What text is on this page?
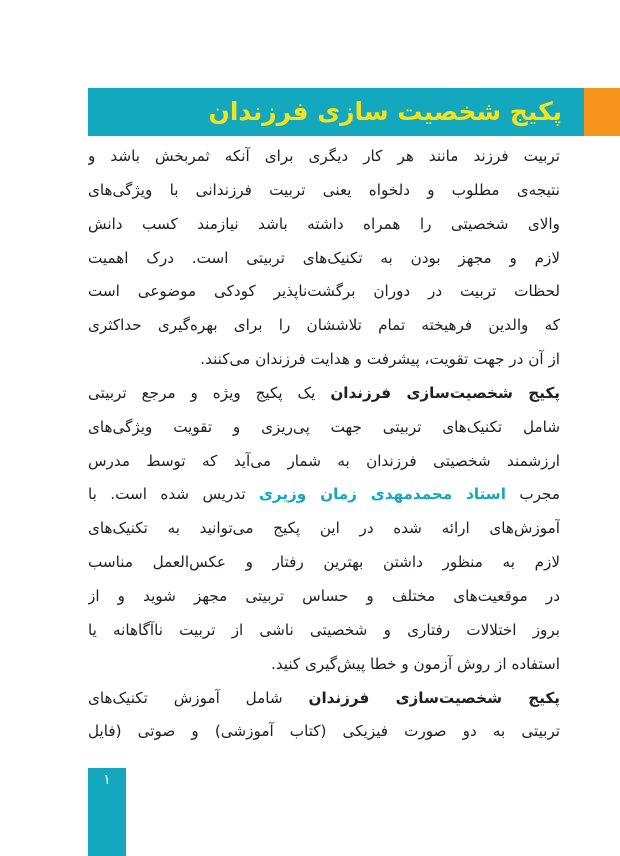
پکیج شخصیت سازی فرزندان
تربیت فرزند مانند هر کار دیگری برای آنکه ثمربخش باشد و
نتیجه‌ی مطلوب و دلخواه یعنی تربیت فرزندانی با ویژگی‌های
والای شخصیتی را همراه داشته باشد نیازمند کسب دانش
لازم و مجهز بودن به تکنیک‌های تربیتی است. درک اهمیت
لحظات تربیت در دوران برگشت‌ناپذیر کودکی موضوعی است
که والدین فرهیخته تمام تلاششان را برای بهره‌گیری حداکثری
از آن در جهت تقویت، پیشرفت و هدایت فرزندان می‌کنند.
پکیج شخصیت‌سازی فرزندان یک پکیج ویژه و مرجع تربیتی
شامل تکنیک‌های تربیتی جهت پی‌ریزی و تقویت ویژگی‌های
ارزشمند شخصیتی فرزندان به شمار می‌آید که توسط مدرس
مجرب استاد محمدمهدی زمان وزیری تدریس شده است. با
آموزش‌های ارائه شده در این پکیج می‌توانید به تکنیک‌های
لازم به منظور داشتن بهترین رفتار و عکس‌العمل مناسب
در موقعیت‌های مختلف و حساس تربیتی مجهز شوید و از
بروز اختلالات رفتاری و شخصیتی ناشی از تربیت ناآگاهانه یا
استفاده از روش آزمون و خطا پیش‌گیری کنید.
پکیج شخصیت‌سازی فرزندان شامل آموزش تکنیک‌های
تربیتی به دو صورت فیزیکی (کتاب آموزشی) و صوتی (فایل
۱
